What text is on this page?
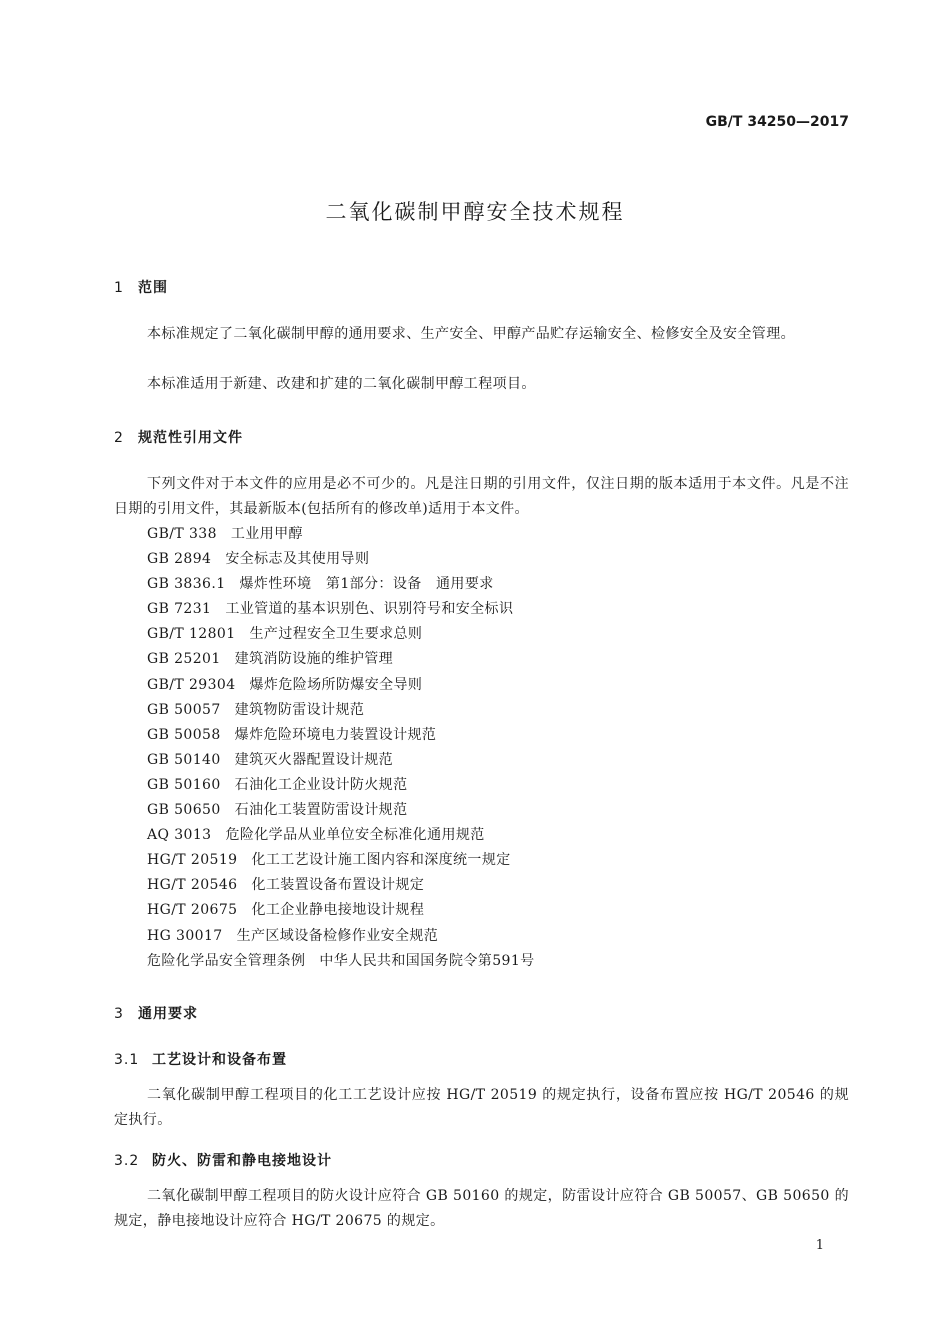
GB/T 34250—2017
二氧化碳制甲醇安全技术规程
1 范围

本标准规定了二氧化碳制甲醇的通用要求、生产安全、甲醇产品贮存运输安全、检修安全及安全管理。

本标准适用于新建、改建和扩建的二氧化碳制甲醇工程项目。

2 规范性引用文件

下列文件对于本文件的应用是必不可少的。凡是注日期的引用文件，仅注日期的版本适用于本文件。凡是不注日期的引用文件，其最新版本(包括所有的修改单)适用于本文件。

GB/T 338 工业用甲醇
GB 2894 安全标志及其使用导则
GB 3836.1 爆炸性环境　第1部分：设备　通用要求
GB 7231 工业管道的基本识别色、识别符号和安全标识
GB/T 12801 生产过程安全卫生要求总则
GB 25201 建筑消防设施的维护管理
GB/T 29304 爆炸危险场所防爆安全导则
GB 50057 建筑物防雷设计规范
GB 50058 爆炸危险环境电力装置设计规范
GB 50140 建筑灭火器配置设计规范
GB 50160 石油化工企业设计防火规范
GB 50650 石油化工装置防雷设计规范
AQ 3013 危险化学品从业单位安全标准化通用规范
HG/T 20519 化工工艺设计施工图内容和深度统一规定
HG/T 20546 化工装置设备布置设计规定
HG/T 20675 化工企业静电接地设计规程
HG 30017 生产区域设备检修作业安全规范
危险化学品安全管理条例 中华人民共和国国务院令第591号
3 通用要求
3.1 工艺设计和设备布置

二氧化碳制甲醇工程项目的化工工艺设计应按 HG/T 20519 的规定执行，设备布置应按 HG/T 20546 的规定执行。

3.2 防火、防雷和静电接地设计

二氧化碳制甲醇工程项目的防火设计应符合 GB 50160 的规定，防雷设计应符合 GB 50057、GB 50650 的规定，静电接地设计应符合 HG/T 20675 的规定。

1
